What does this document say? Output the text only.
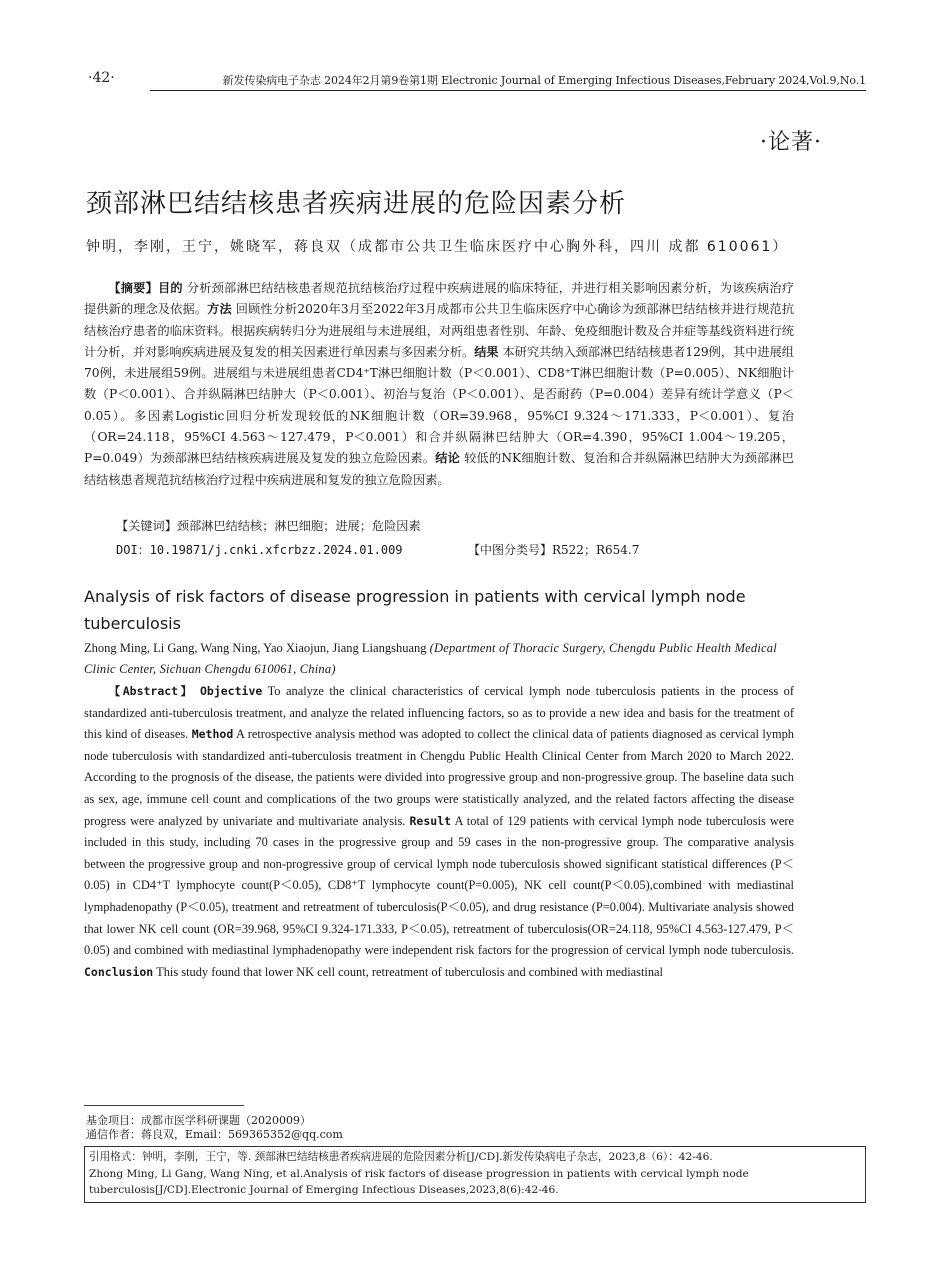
·42·	新发传染病电子杂志 2024年2月第9卷第1期 Electronic Journal of Emerging Infectious Diseases,February 2024,Vol.9,No.1
·论著·
颈部淋巴结结核患者疾病进展的危险因素分析
钟明，李刚，王宁，姚晓军，蒋良双（成都市公共卫生临床医疗中心胸外科，四川 成都 610061）
【摘要】目的 分析颈部淋巴结结核患者规范抗结核治疗过程中疾病进展的临床特征，并进行相关影响因素分析，为该疾病治疗提供新的理念及依据。方法 回顾性分析2020年3月至2022年3月成都市公共卫生临床医疗中心确诊为颈部淋巴结结核并进行规范抗结核治疗患者的临床资料。根据疾病转归分为进展组与未进展组，对两组患者性别、年龄、免疫细胞计数及合并症等基线资料进行统计分析，并对影响疾病进展及复发的相关因素进行单因素与多因素分析。结果 本研究共纳入颈部淋巴结结核患者129例，其中进展组70例，未进展组59例。进展组与未进展组患者CD4⁺T淋巴细胞计数（P＜0.001）、CD8⁺T淋巴细胞计数（P=0.005）、NK细胞计数（P＜0.001）、合并纵隔淋巴结肿大（P＜0.001）、初治与复治（P＜0.001）、是否耐药（P=0.004）差异有统计学意义（P＜0.05）。多因素Logistic回归分析发现较低的NK细胞计数（OR=39.968，95%CI 9.324～171.333，P＜0.001）、复治（OR=24.118，95%CI 4.563～127.479，P＜0.001）和合并纵隔淋巴结肿大（OR=4.390，95%CI 1.004～19.205，P=0.049）为颈部淋巴结结核疾病进展及复发的独立危险因素。结论 较低的NK细胞计数、复治和合并纵隔淋巴结肿大为颈部淋巴结结核患者规范抗结核治疗过程中疾病进展和复发的独立危险因素。
【关键词】颈部淋巴结结核；淋巴细胞；进展；危险因素
DOI：10.19871/j.cnki.xfcrbzz.2024.01.009	【中图分类号】R522；R654.7
Analysis of risk factors of disease progression in patients with cervical lymph node tuberculosis
Zhong Ming, Li Gang, Wang Ning, Yao Xiaojun, Jiang Liangshuang (Department of Thoracic Surgery, Chengdu Public Health Medical Clinic Center, Sichuan Chengdu 610061, China)
【Abstract】 Objective To analyze the clinical characteristics of cervical lymph node tuberculosis patients in the process of standardized anti-tuberculosis treatment, and analyze the related influencing factors, so as to provide a new idea and basis for the treatment of this kind of diseases. Method A retrospective analysis method was adopted to collect the clinical data of patients diagnosed as cervical lymph node tuberculosis with standardized anti-tuberculosis treatment in Chengdu Public Health Clinical Center from March 2020 to March 2022. According to the prognosis of the disease, the patients were divided into progressive group and non-progressive group. The baseline data such as sex, age, immune cell count and complications of the two groups were statistically analyzed, and the related factors affecting the disease progress were analyzed by univariate and multivariate analysis. Result A total of 129 patients with cervical lymph node tuberculosis were included in this study, including 70 cases in the progressive group and 59 cases in the non-progressive group. The comparative analysis between the progressive group and non-progressive group of cervical lymph node tuberculosis showed significant statistical differences (P＜0.05) in CD4⁺T lymphocyte count(P＜0.05), CD8⁺T lymphocyte count(P=0.005), NK cell count(P＜0.05),combined with mediastinal lymphadenopathy (P＜0.05), treatment and retreatment of tuberculosis(P＜0.05), and drug resistance (P=0.004). Multivariate analysis showed that lower NK cell count (OR=39.968, 95%CI 9.324-171.333, P＜0.05), retreatment of tuberculosis(OR=24.118, 95%CI 4.563-127.479, P＜0.05) and combined with mediastinal lymphadenopathy were independent risk factors for the progression of cervical lymph node tuberculosis. Conclusion This study found that lower NK cell count, retreatment of tuberculosis and combined with mediastinal
基金项目：成都市医学科研课题（2020009）
通信作者：蒋良双，Email：569365352@qq.com
引用格式：钟明，李刚，王宁，等. 颈部淋巴结结核患者疾病进展的危险因素分析[J/CD].新发传染病电子杂志，2023,8（6）：42-46.
Zhong Ming, Li Gang, Wang Ning, et al.Analysis of risk factors of disease progression in patients with cervical lymph node
tuberculosis[J/CD].Electronic Journal of Emerging Infectious Diseases,2023,8(6):42-46.
